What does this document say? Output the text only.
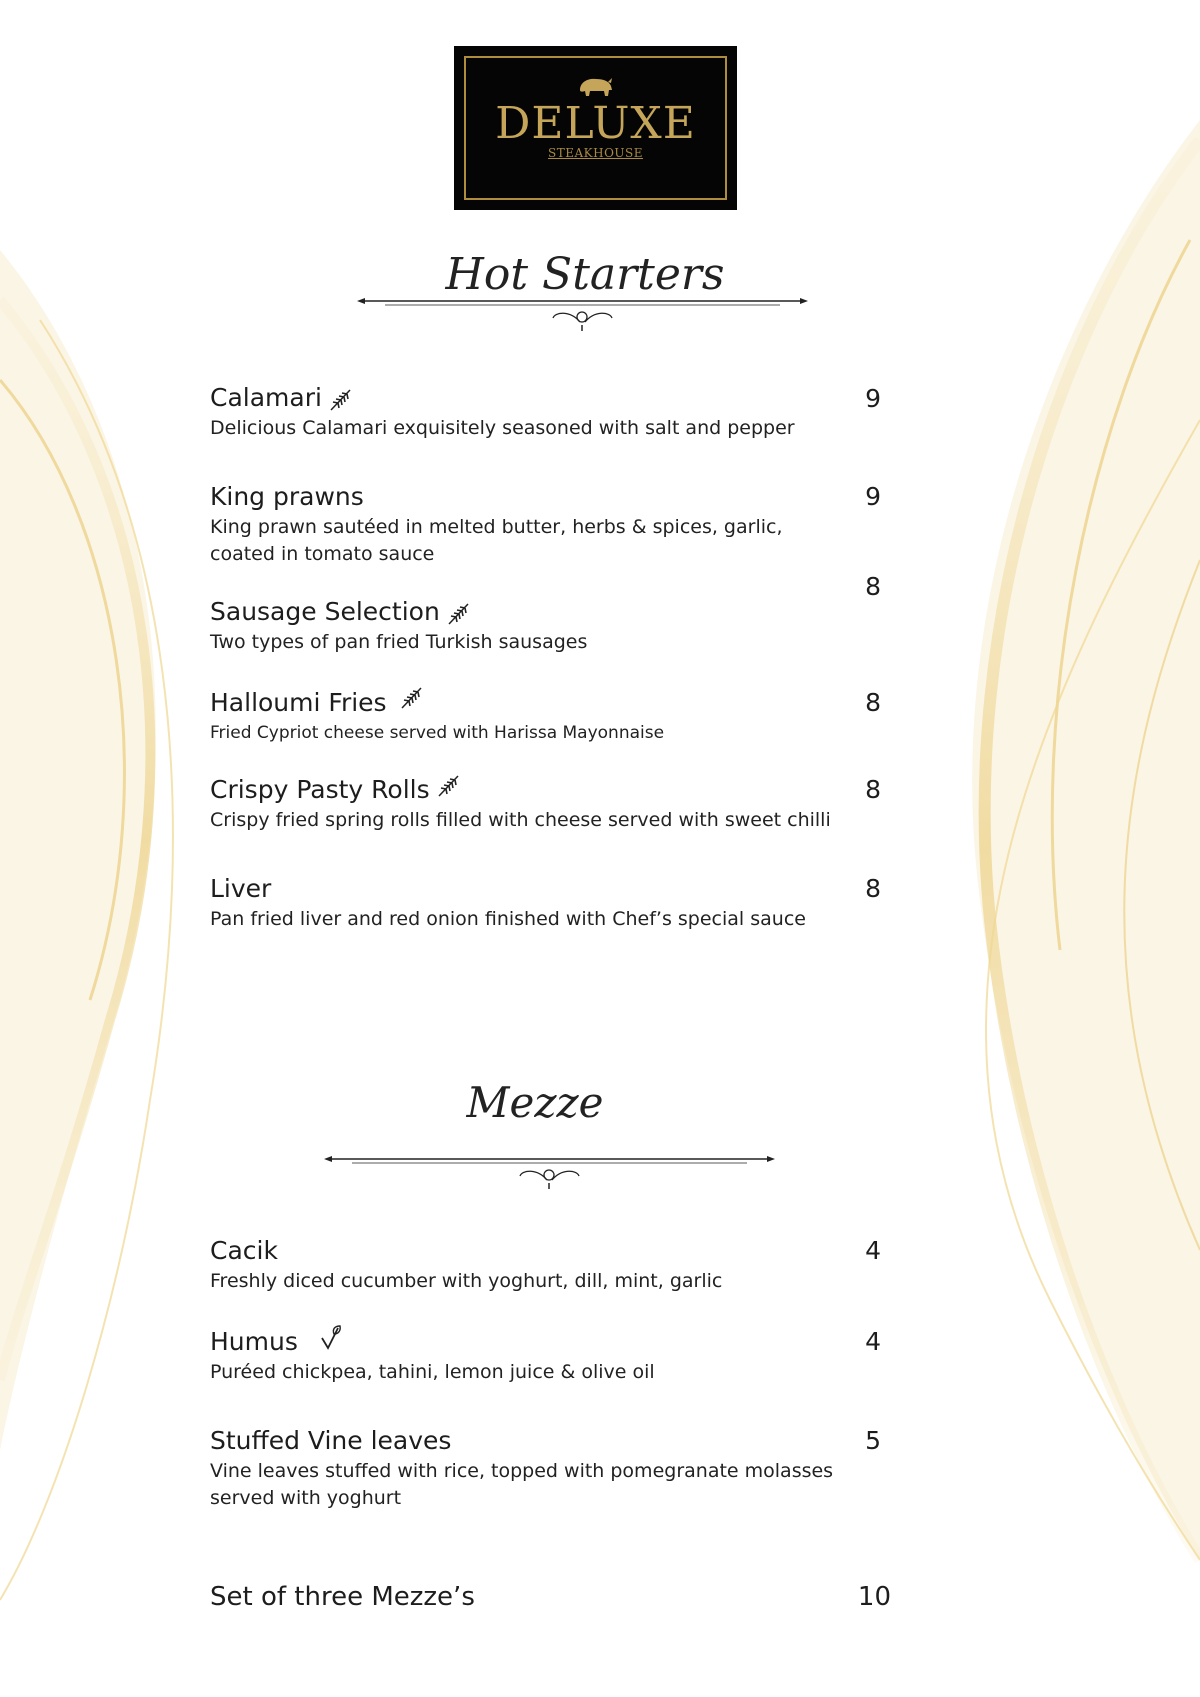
DELUXE
STEAKHOUSE
Hot Starters
Calamari
Delicious Calamari exquisitely seasoned with salt and pepper
9
King prawns
King prawn sautéed in melted butter, herbs & spices, garlic, coated in tomato sauce
9
Sausage Selection
Two types of pan fried Turkish sausages
8
Halloumi Fries
Fried Cypriot cheese served with Harissa Mayonnaise
8
Crispy Pasty Rolls
Crispy fried spring rolls filled with cheese served with sweet chilli
8
Liver
Pan fried liver and red onion finished with Chef’s special sauce
8
Mezze
Cacik
Freshly diced cucumber with yoghurt, dill, mint, garlic
4
Humus
Puréed chickpea, tahini, lemon juice & olive oil
4
Stuffed Vine leaves
Vine leaves stuffed with rice, topped with pomegranate molasses served with yoghurt
5
Set of three Mezze’s	10
